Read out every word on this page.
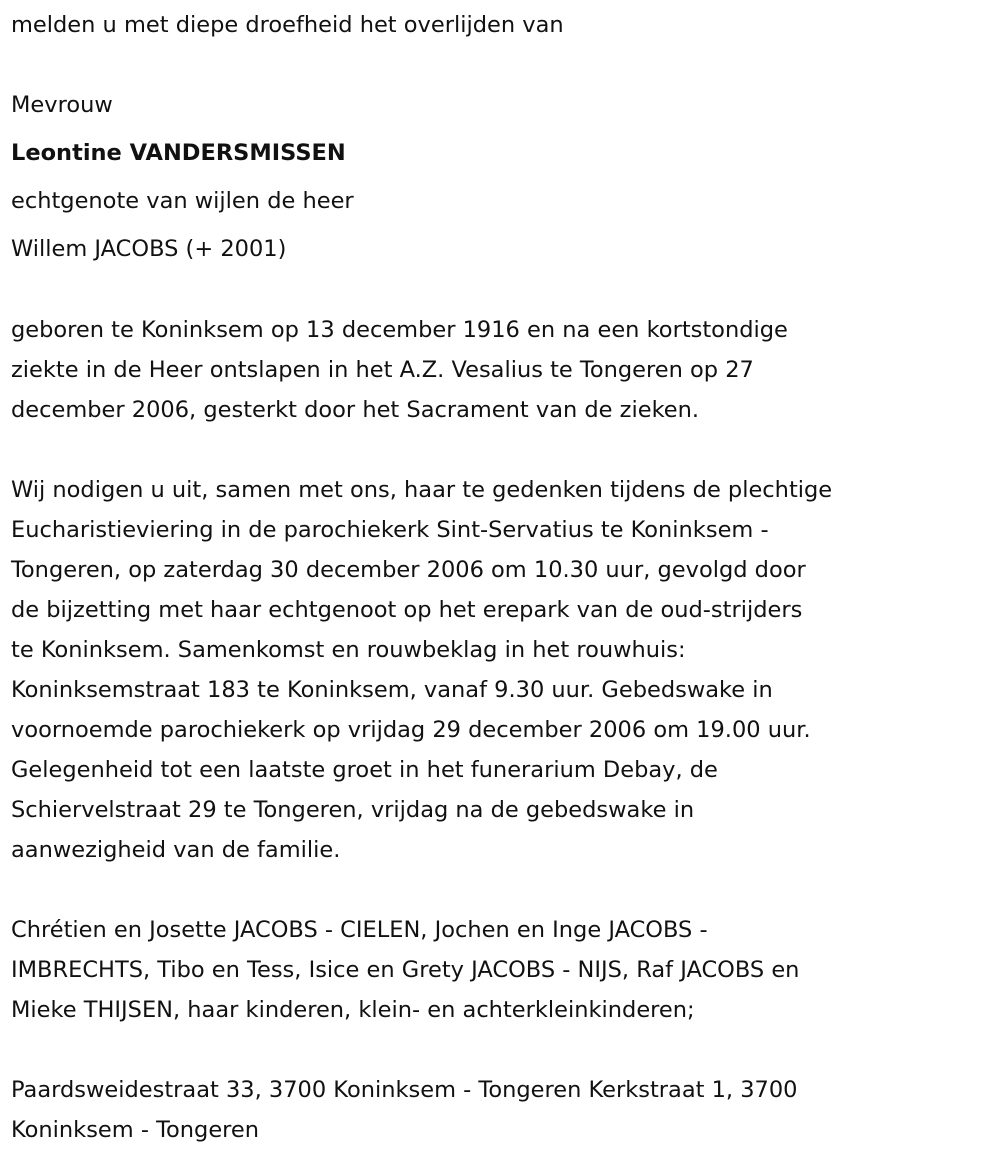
melden u met diepe droefheid het overlijden van
Mevrouw
Leontine VANDERSMISSEN
echtgenote van wijlen de heer
Willem JACOBS (+ 2001)
geboren te Koninksem op 13 december 1916 en na een kortstondige
ziekte in de Heer ontslapen in het A.Z. Vesalius te Tongeren op 27
december 2006, gesterkt door het Sacrament van de zieken.
Wij nodigen u uit, samen met ons, haar te gedenken tijdens de plechtige
Eucharistieviering in de parochiekerk Sint-Servatius te Koninksem -
Tongeren, op zaterdag 30 december 2006 om 10.30 uur, gevolgd door
de bijzetting met haar echtgenoot op het erepark van de oud-strijders
te Koninksem. Samenkomst en rouwbeklag in het rouwhuis:
Koninksemstraat 183 te Koninksem, vanaf 9.30 uur. Gebedswake in
voornoemde parochiekerk op vrijdag 29 december 2006 om 19.00 uur.
Gelegenheid tot een laatste groet in het funerarium Debay, de
Schiervelstraat 29 te Tongeren, vrijdag na de gebedswake in
aanwezigheid van de familie.
Chrétien en Josette JACOBS - CIELEN, Jochen en Inge JACOBS -
IMBRECHTS, Tibo en Tess, Isice en Grety JACOBS - NIJS, Raf JACOBS en
Mieke THIJSEN, haar kinderen, klein- en achterkleinkinderen;
Paardsweidestraat 33, 3700 Koninksem - Tongeren Kerkstraat 1, 3700
Koninksem - Tongeren
